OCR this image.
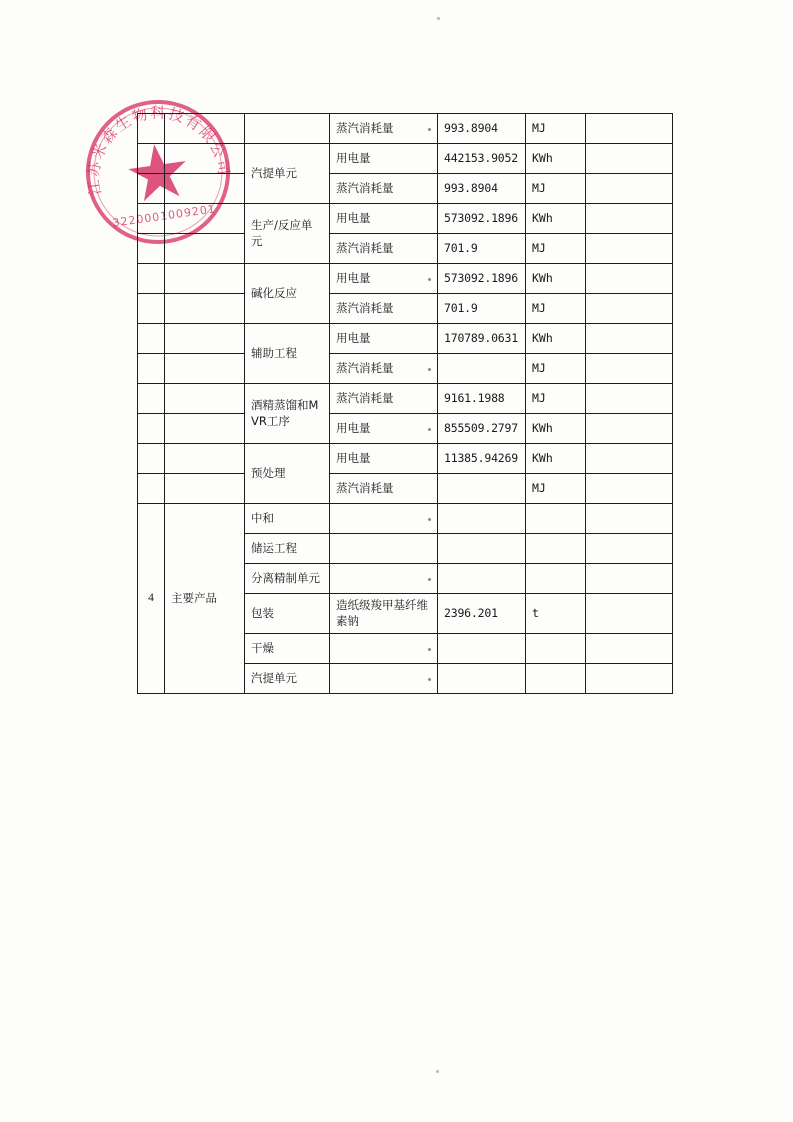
江苏米森生物科技有限公司
3220001009201
			蒸汽消耗量	993.8904	MJ	
		汽提单元	用电量	442153.9052	KWh	
			蒸汽消耗量	993.8904	MJ	
		生产/反应单元	用电量	573092.1896	KWh	
			蒸汽消耗量	701.9	MJ	
		碱化反应	用电量	573092.1896	KWh	
			蒸汽消耗量	701.9	MJ	
		辅助工程	用电量	170789.0631	KWh	
			蒸汽消耗量		MJ	
		酒精蒸馏和MVR工序	蒸汽消耗量	9161.1988	MJ	
			用电量	855509.2797	KWh	
		预处理	用电量	11385.94269	KWh	
			蒸汽消耗量		MJ	
4	主要产品	中和				
		储运工程				
		分离精制单元				
		包装	造纸级羧甲基纤维素钠	2396.201	t	
		干燥				
		汽提单元				
